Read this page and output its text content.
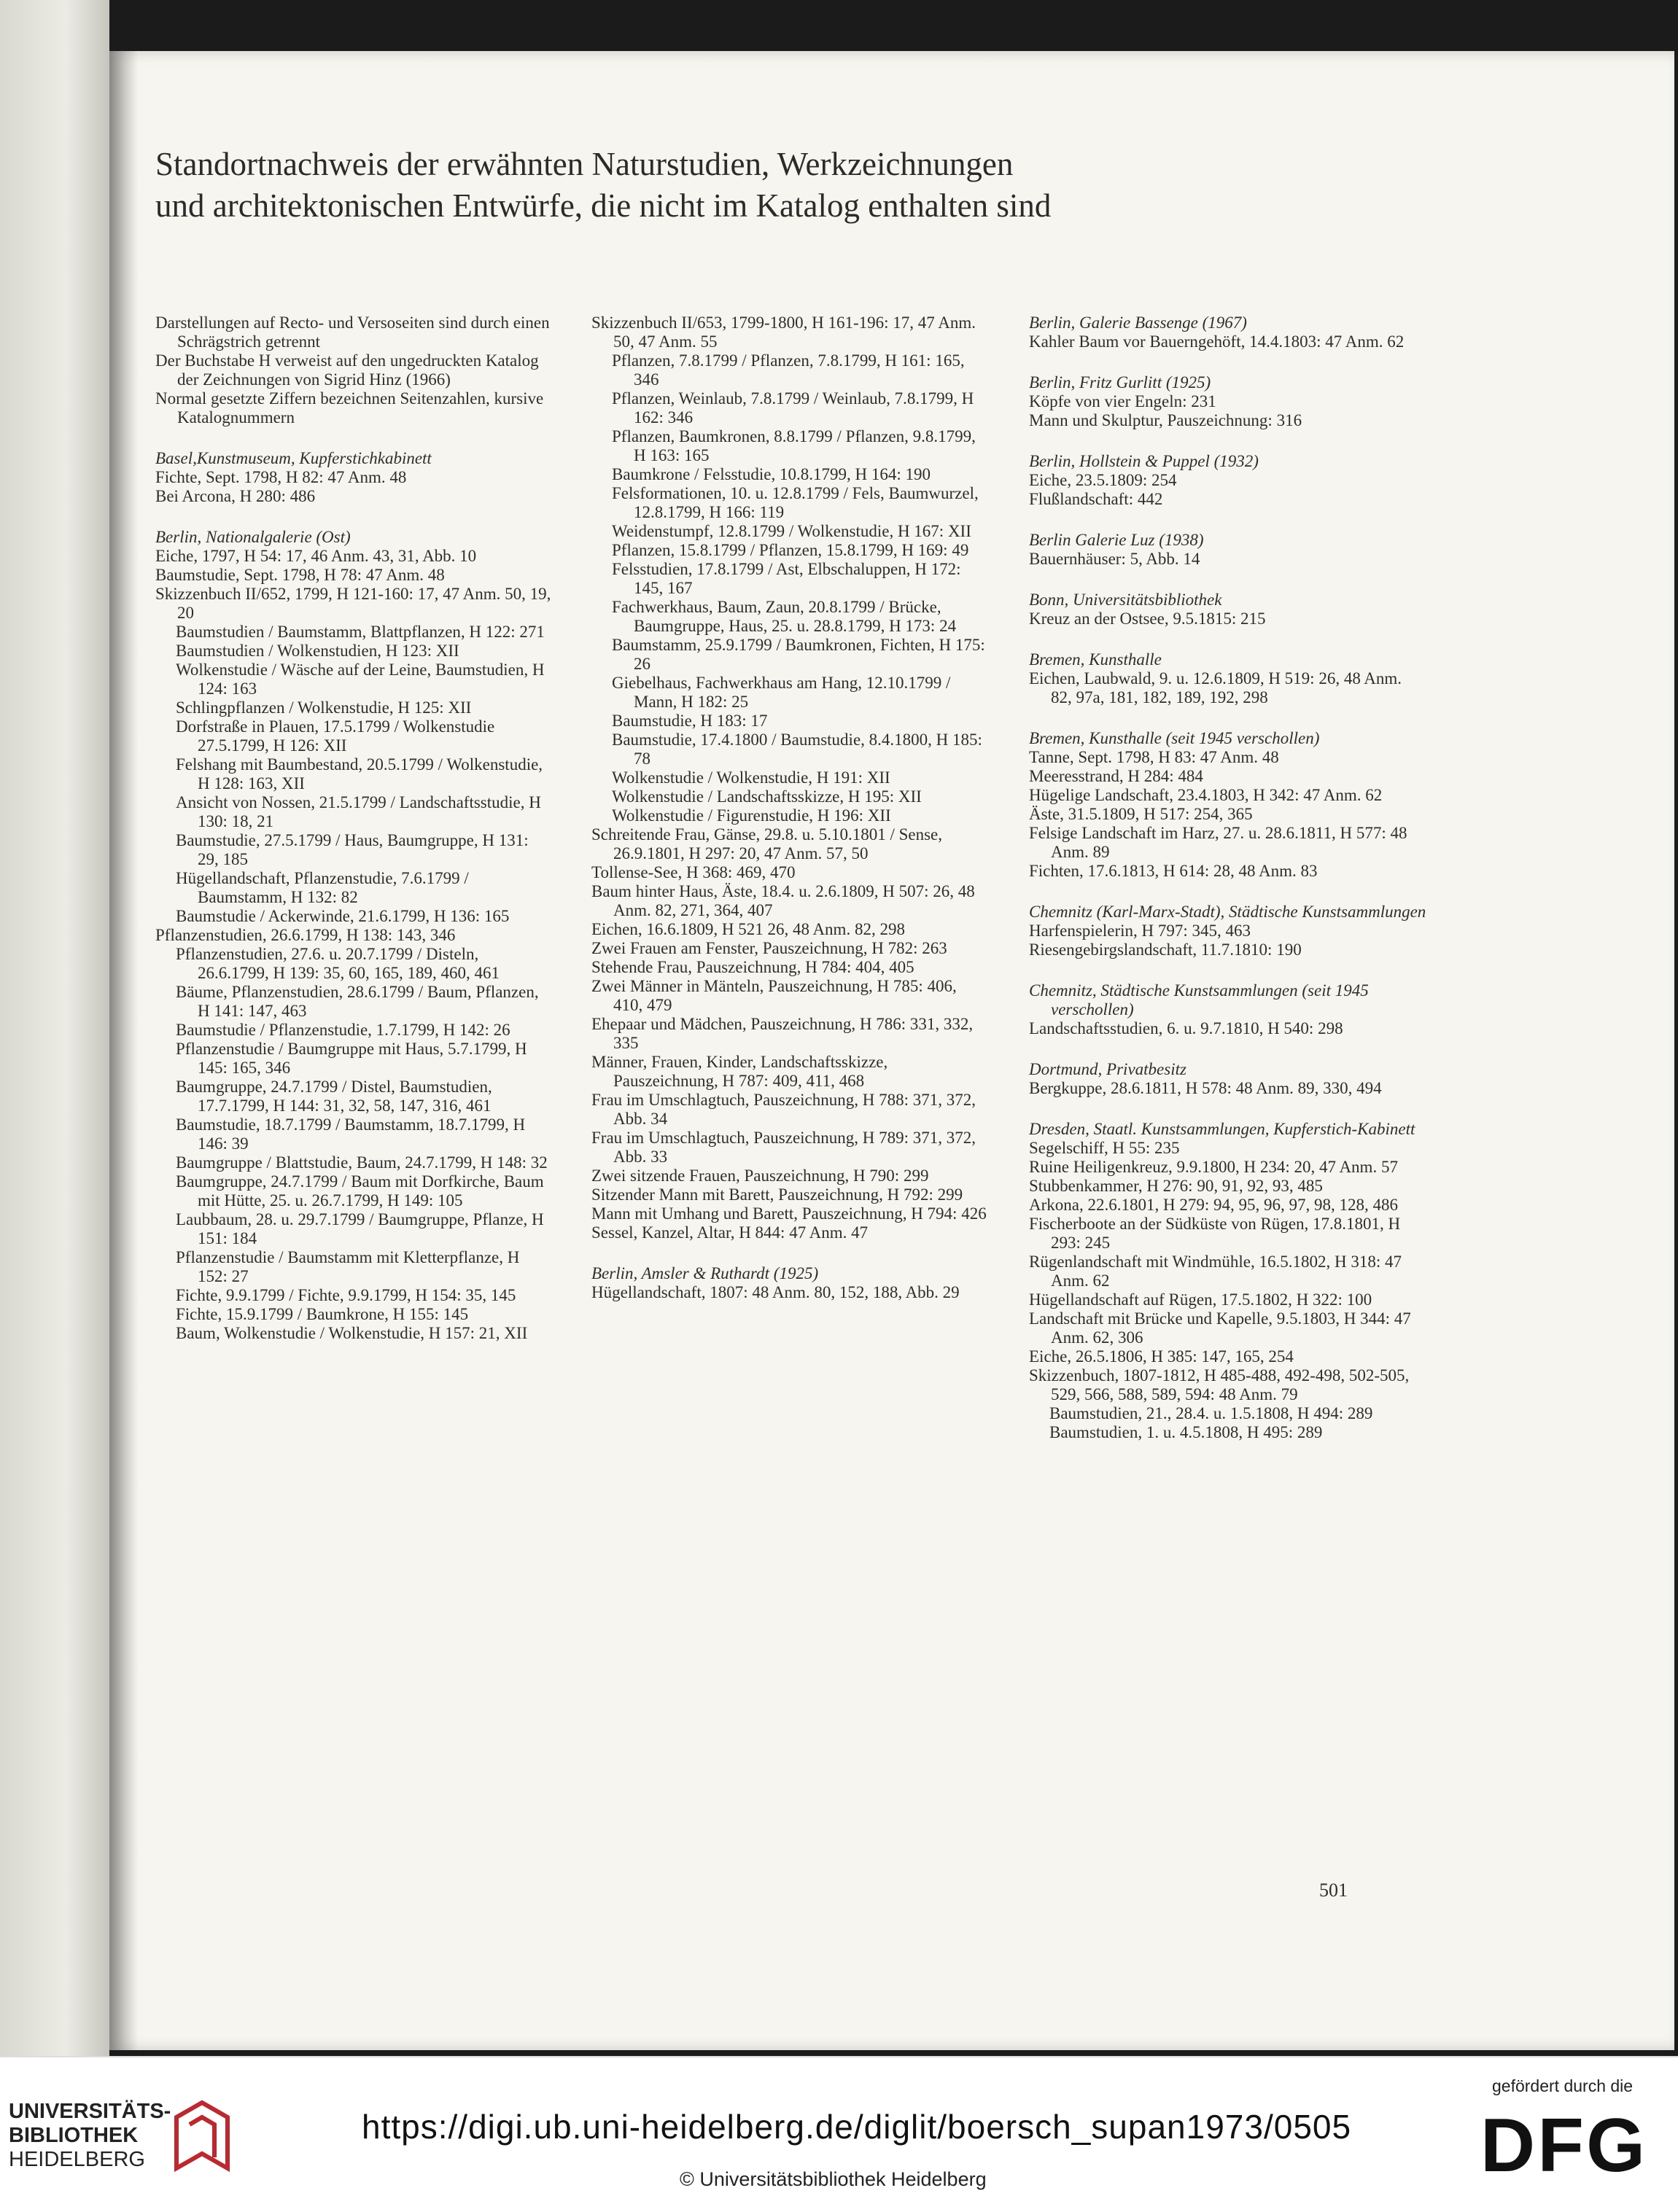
Standortnachweis der erwähnten Naturstudien, Werkzeichnungen
und architektonischen Entwürfe, die nicht im Katalog enthalten sind
Darstellungen auf Recto- und Versoseiten sind durch einen Schrägstrich getrennt
Der Buchstabe H verweist auf den ungedruckten Katalog der Zeichnungen von Sigrid Hinz (1966)
Normal gesetzte Ziffern bezeichnen Seitenzahlen, kursive Katalognummern
Basel,Kunstmuseum, Kupferstichkabinett
Fichte, Sept. 1798, H 82: 47 Anm. 48
Bei Arcona, H 280: 486
Berlin, Nationalgalerie (Ost)
Eiche, 1797, H 54: 17, 46 Anm. 43, 31, Abb. 10
Baumstudie, Sept. 1798, H 78: 47 Anm. 48
Skizzenbuch II/652, 1799, H 121-160: 17, 47 Anm. 50, 19, 20
Baumstudien / Baumstamm, Blattpflanzen, H 122: 271
Baumstudien / Wolkenstudien, H 123: XII
Wolkenstudie / Wäsche auf der Leine, Baumstudien, H 124: 163
Schlingpflanzen / Wolkenstudie, H 125: XII
Dorfstraße in Plauen, 17.5.1799 / Wolkenstudie 27.5.1799, H 126: XII
Felshang mit Baumbestand, 20.5.1799 / Wolkenstudie, H 128: 163, XII
Ansicht von Nossen, 21.5.1799 / Landschaftsstudie, H 130: 18, 21
Baumstudie, 27.5.1799 / Haus, Baumgruppe, H 131: 29, 185
Hügellandschaft, Pflanzenstudie, 7.6.1799 / Baumstamm, H 132: 82
Baumstudie / Ackerwinde, 21.6.1799, H 136: 165
Pflanzenstudien, 26.6.1799, H 138: 143, 346
Pflanzenstudien, 27.6. u. 20.7.1799 / Disteln, 26.6.1799, H 139: 35, 60, 165, 189, 460, 461
Bäume, Pflanzenstudien, 28.6.1799 / Baum, Pflanzen, H 141: 147, 463
Baumstudie / Pflanzenstudie, 1.7.1799, H 142: 26
Pflanzenstudie / Baumgruppe mit Haus, 5.7.1799, H 145: 165, 346
Baumgruppe, 24.7.1799 / Distel, Baumstudien, 17.7.1799, H 144: 31, 32, 58, 147, 316, 461
Baumstudie, 18.7.1799 / Baumstamm, 18.7.1799, H 146: 39
Baumgruppe / Blattstudie, Baum, 24.7.1799, H 148: 32
Baumgruppe, 24.7.1799 / Baum mit Dorfkirche, Baum mit Hütte, 25. u. 26.7.1799, H 149: 105
Laubbaum, 28. u. 29.7.1799 / Baumgruppe, Pflanze, H 151: 184
Pflanzenstudie / Baumstamm mit Kletterpflanze, H 152: 27
Fichte, 9.9.1799 / Fichte, 9.9.1799, H 154: 35, 145
Fichte, 15.9.1799 / Baumkrone, H 155: 145
Baum, Wolkenstudie / Wolkenstudie, H 157: 21, XII
Skizzenbuch II/653, 1799-1800, H 161-196: 17, 47 Anm. 50, 47 Anm. 55
Pflanzen, 7.8.1799 / Pflanzen, 7.8.1799, H 161: 165, 346
Pflanzen, Weinlaub, 7.8.1799 / Weinlaub, 7.8.1799, H 162: 346
Pflanzen, Baumkronen, 8.8.1799 / Pflanzen, 9.8.1799, H 163: 165
Baumkrone / Felsstudie, 10.8.1799, H 164: 190
Felsformationen, 10. u. 12.8.1799 / Fels, Baumwurzel, 12.8.1799, H 166: 119
Weidenstumpf, 12.8.1799 / Wolkenstudie, H 167: XII
Pflanzen, 15.8.1799 / Pflanzen, 15.8.1799, H 169: 49
Felsstudien, 17.8.1799 / Ast, Elbschaluppen, H 172: 145, 167
Fachwerkhaus, Baum, Zaun, 20.8.1799 / Brücke, Baumgruppe, Haus, 25. u. 28.8.1799, H 173: 24
Baumstamm, 25.9.1799 / Baumkronen, Fichten, H 175: 26
Giebelhaus, Fachwerkhaus am Hang, 12.10.1799 / Mann, H 182: 25
Baumstudie, H 183: 17
Baumstudie, 17.4.1800 / Baumstudie, 8.4.1800, H 185: 78
Wolkenstudie / Wolkenstudie, H 191: XII
Wolkenstudie / Landschaftsskizze, H 195: XII
Wolkenstudie / Figurenstudie, H 196: XII
Schreitende Frau, Gänse, 29.8. u. 5.10.1801 / Sense, 26.9.1801, H 297: 20, 47 Anm. 57, 50
Tollense-See, H 368: 469, 470
Baum hinter Haus, Äste, 18.4. u. 2.6.1809, H 507: 26, 48 Anm. 82, 271, 364, 407
Eichen, 16.6.1809, H 521 26, 48 Anm. 82, 298
Zwei Frauen am Fenster, Pauszeichnung, H 782: 263
Stehende Frau, Pauszeichnung, H 784: 404, 405
Zwei Männer in Mänteln, Pauszeichnung, H 785: 406, 410, 479
Ehepaar und Mädchen, Pauszeichnung, H 786: 331, 332, 335
Männer, Frauen, Kinder, Landschaftsskizze, Pauszeichnung, H 787: 409, 411, 468
Frau im Umschlagtuch, Pauszeichnung, H 788: 371, 372, Abb. 34
Frau im Umschlagtuch, Pauszeichnung, H 789: 371, 372, Abb. 33
Zwei sitzende Frauen, Pauszeichnung, H 790: 299
Sitzender Mann mit Barett, Pauszeichnung, H 792: 299
Mann mit Umhang und Barett, Pauszeichnung, H 794: 426
Sessel, Kanzel, Altar, H 844: 47 Anm. 47
Berlin, Amsler & Ruthardt (1925)
Hügellandschaft, 1807: 48 Anm. 80, 152, 188, Abb. 29
Berlin, Galerie Bassenge (1967)
Kahler Baum vor Bauerngehöft, 14.4.1803: 47 Anm. 62
Berlin, Fritz Gurlitt (1925)
Köpfe von vier Engeln: 231
Mann und Skulptur, Pauszeichnung: 316
Berlin, Hollstein & Puppel (1932)
Eiche, 23.5.1809: 254
Flußlandschaft: 442
Berlin Galerie Luz (1938)
Bauernhäuser: 5, Abb. 14
Bonn, Universitätsbibliothek
Kreuz an der Ostsee, 9.5.1815: 215
Bremen, Kunsthalle
Eichen, Laubwald, 9. u. 12.6.1809, H 519: 26, 48 Anm. 82, 97a, 181, 182, 189, 192, 298
Bremen, Kunsthalle (seit 1945 verschollen)
Tanne, Sept. 1798, H 83: 47 Anm. 48
Meeresstrand, H 284: 484
Hügelige Landschaft, 23.4.1803, H 342: 47 Anm. 62
Äste, 31.5.1809, H 517: 254, 365
Felsige Landschaft im Harz, 27. u. 28.6.1811, H 577: 48 Anm. 89
Fichten, 17.6.1813, H 614: 28, 48 Anm. 83
Chemnitz (Karl-Marx-Stadt), Städtische Kunstsammlungen
Harfenspielerin, H 797: 345, 463
Riesengebirgslandschaft, 11.7.1810: 190
Chemnitz, Städtische Kunstsammlungen (seit 1945 verschollen)
Landschaftsstudien, 6. u. 9.7.1810, H 540: 298
Dortmund, Privatbesitz
Bergkuppe, 28.6.1811, H 578: 48 Anm. 89, 330, 494
Dresden, Staatl. Kunstsammlungen, Kupferstich-Kabinett
Segelschiff, H 55: 235
Ruine Heiligenkreuz, 9.9.1800, H 234: 20, 47 Anm. 57
Stubbenkammer, H 276: 90, 91, 92, 93, 485
Arkona, 22.6.1801, H 279: 94, 95, 96, 97, 98, 128, 486
Fischerboote an der Südküste von Rügen, 17.8.1801, H 293: 245
Rügenlandschaft mit Windmühle, 16.5.1802, H 318: 47 Anm. 62
Hügellandschaft auf Rügen, 17.5.1802, H 322: 100
Landschaft mit Brücke und Kapelle, 9.5.1803, H 344: 47 Anm. 62, 306
Eiche, 26.5.1806, H 385: 147, 165, 254
Skizzenbuch, 1807-1812, H 485-488, 492-498, 502-505, 529, 566, 588, 589, 594: 48 Anm. 79
Baumstudien, 21., 28.4. u. 1.5.1808, H 494: 289
Baumstudien, 1. u. 4.5.1808, H 495: 289
501
UNIVERSITÄTS-
BIBLIOTHEK
HEIDELBERG
https://digi.ub.uni-heidelberg.de/diglit/boersch_supan1973/0505
© Universitätsbibliothek Heidelberg
gefördert durch die
DFG
